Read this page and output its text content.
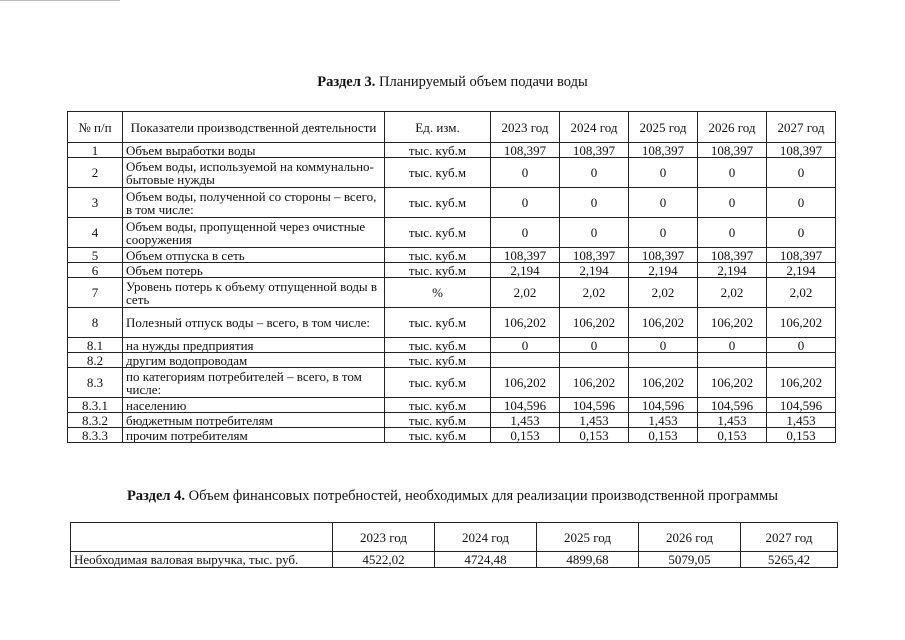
Раздел 3. Планируемый объем подачи воды
№ п/п	Показатели производственной деятельности	Ед. изм.	2023 год	2024 год	2025 год	2026 год	2027 год
1	Объем выработки воды	тыс. куб.м	108,397	108,397	108,397	108,397	108,397
2	Объем воды, используемой на коммунально-бытовые нужды	тыс. куб.м	0	0	0	0	0
3	Объем воды, полученной со стороны – всего, в том числе:	тыс. куб.м	0	0	0	0	0
4	Объем воды, пропущенной через очистные сооружения	тыс. куб.м	0	0	0	0	0
5	Объем отпуска в сеть	тыс. куб.м	108,397	108,397	108,397	108,397	108,397
6	Объем потерь	тыс. куб.м	2,194	2,194	2,194	2,194	2,194
7	Уровень потерь к объему отпущенной воды в сеть	%	2,02	2,02	2,02	2,02	2,02
8	Полезный отпуск воды – всего, в том числе:	тыс. куб.м	106,202	106,202	106,202	106,202	106,202
8.1	на нужды предприятия	тыс. куб.м	0	0	0	0	0
8.2	другим водопроводам	тыс. куб.м					
8.3	по категориям потребителей – всего, в том числе:	тыс. куб.м	106,202	106,202	106,202	106,202	106,202
8.3.1	населению	тыс. куб.м	104,596	104,596	104,596	104,596	104,596
8.3.2	бюджетным потребителям	тыс. куб.м	1,453	1,453	1,453	1,453	1,453
8.3.3	прочим потребителям	тыс. куб.м	0,153	0,153	0,153	0,153	0,153
Раздел 4. Объем финансовых потребностей, необходимых для реализации производственной программы
	2023 год	2024 год	2025 год	2026 год	2027 год
Необходимая валовая выручка, тыс. руб.	4522,02	4724,48	4899,68	5079,05	5265,42
